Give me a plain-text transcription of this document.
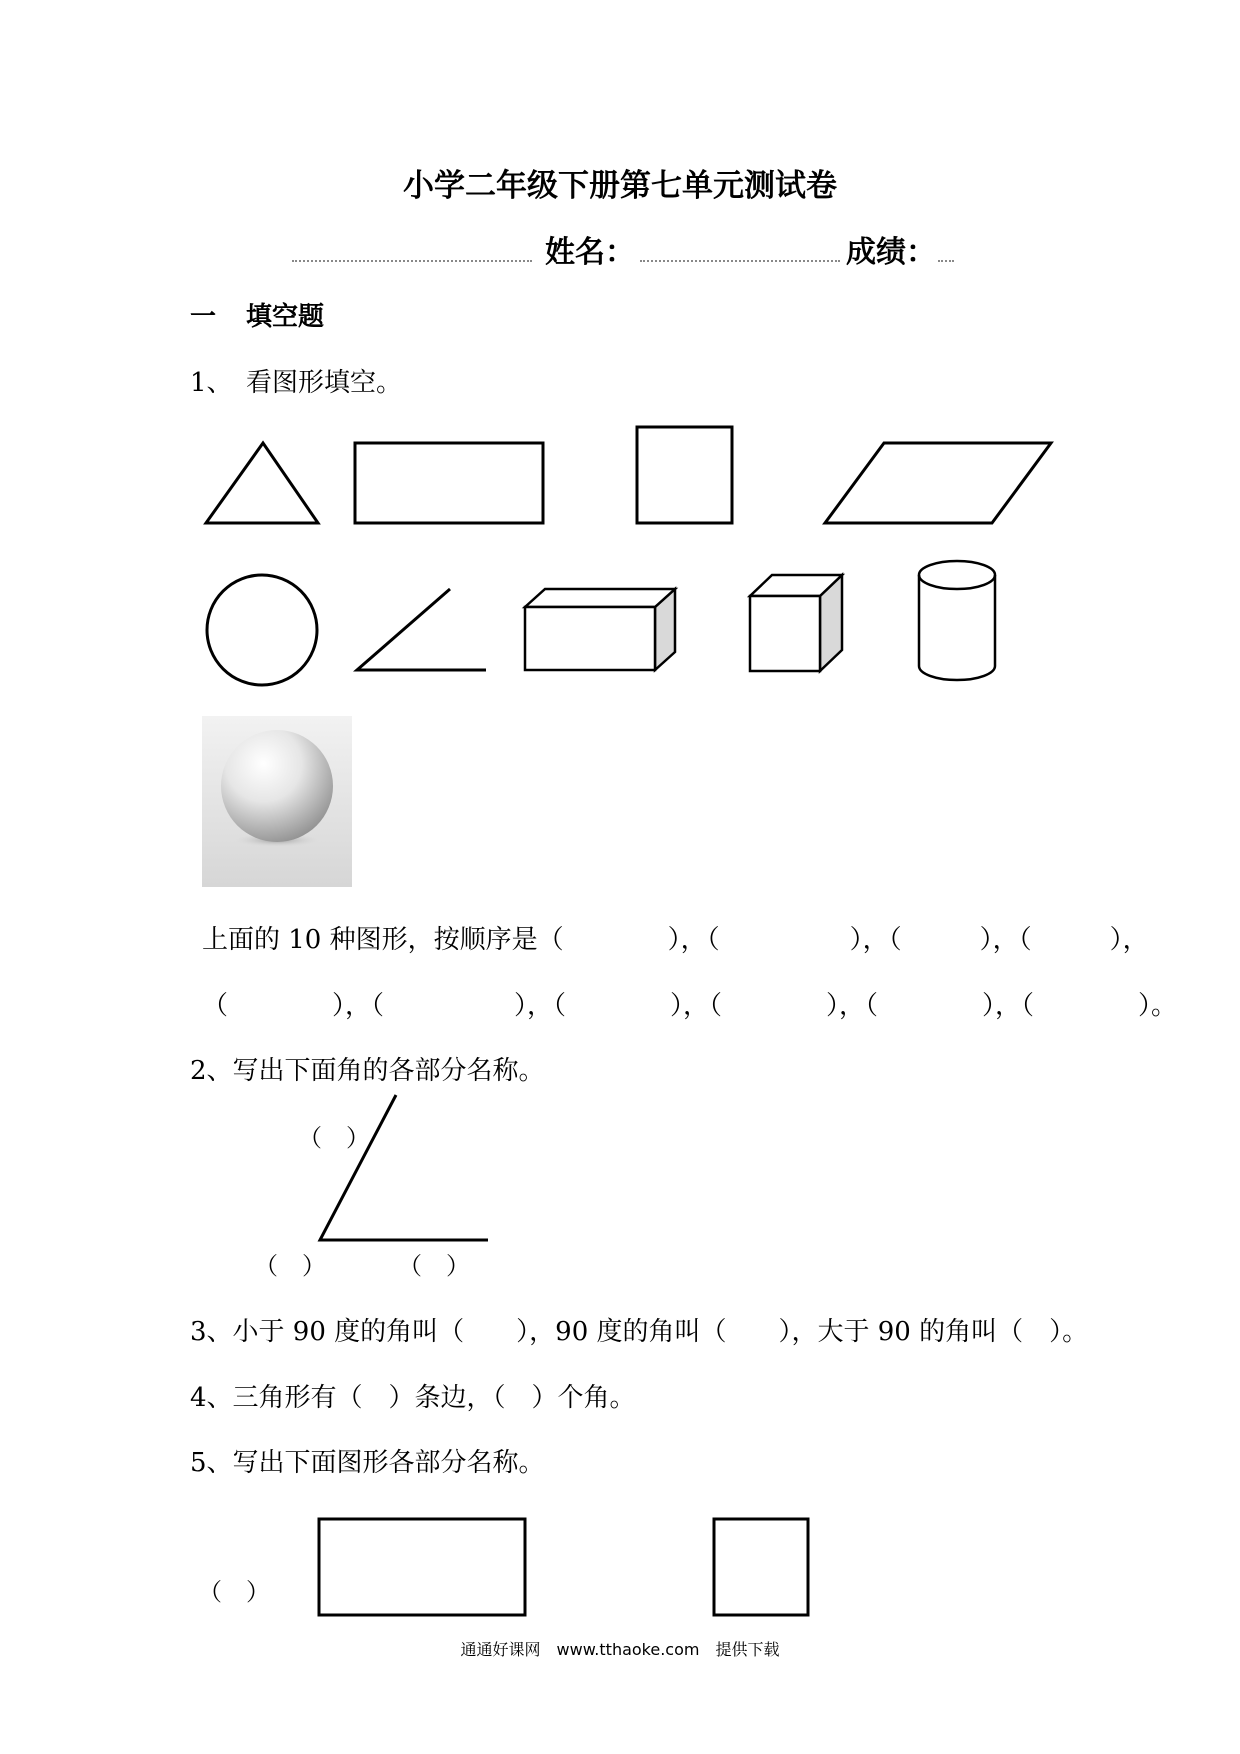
小学二年级下册第七单元测试卷
姓名：	成绩：
一 填空题
1、 看图形填空。
上面的 10 种图形，按顺序是（　　　　），（　　　　　），（　　　），（　　　），
（　　　　），（　　　　　），（　　　　），（　　　　），（　　　　），（　　　　）。
2、写出下面角的各部分名称。
（　）
（　）	（　）
3、小于 90 度的角叫（　　），90 度的角叫（　　），大于 90 的角叫（　）。
4、三角形有（　）条边，（　）个角。
5、写出下面图形各部分名称。
（　）
通通好课网　www.tthaoke.com　提供下载
